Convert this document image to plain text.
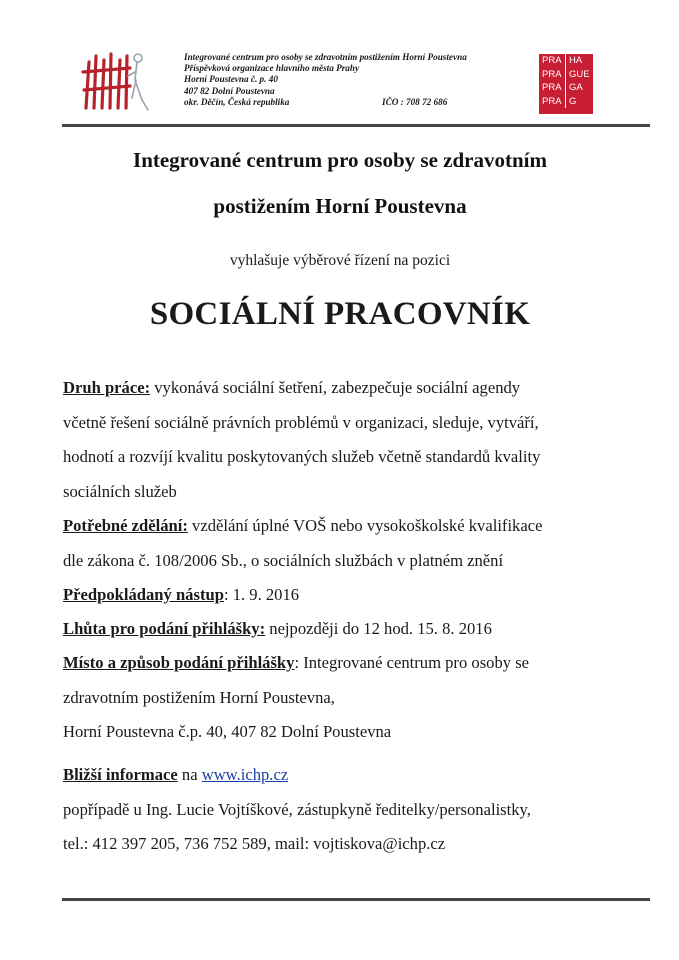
Integrované centrum pro osoby se zdravotním postižením Horní Poustevna
Příspěvková organizace hlavního města Prahy
Horní Poustevna č. p. 40
407 82 Dolní Poustevna
okr. Děčín, Česká republika	IČO : 708 72 686
PRA HA
PRA GUE
PRA GA
PRA G
Integrované centrum pro osoby se zdravotním
postižením Horní Poustevna
vyhlašuje výběrové řízení na pozici
SOCIÁLNÍ PRACOVNÍK
Druh práce: vykonává sociální šetření, zabezpečuje sociální agendy
včetně řešení sociálně právních problémů v organizaci, sleduje, vytváří,
hodnotí a rozvíjí kvalitu poskytovaných služeb včetně standardů kvality
sociálních služeb
Potřebné zdělání: vzdělání úplné VOŠ nebo vysokoškolské kvalifikace
dle zákona č. 108/2006 Sb., o sociálních službách v platném znění
Předpokládaný nástup: 1. 9. 2016
Lhůta pro podání přihlášky: nejpozději do 12 hod. 15. 8. 2016
Místo a způsob podání přihlášky: Integrované centrum pro osoby se
zdravotním postižením Horní Poustevna,
Horní Poustevna č.p. 40, 407 82 Dolní Poustevna
Bližší informace na www.ichp.cz
popřípadě u Ing. Lucie Vojtíškové, zástupkyně ředitelky/personalistky,
tel.: 412 397 205, 736 752 589, mail: vojtiskova@ichp.cz
